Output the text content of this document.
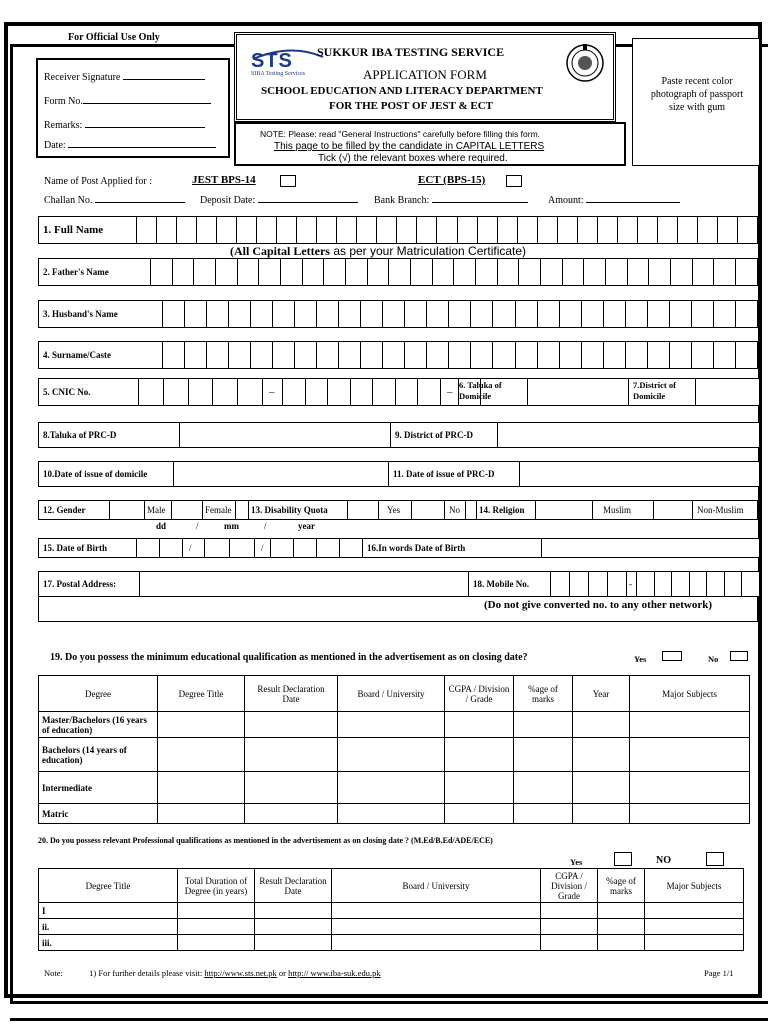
For Official Use Only
Receiver Signature
Form No.
Remarks:
Date:
STS
SIBA Testing Services
SUKKUR IBA TESTING SERVICE
APPLICATION FORM
SCHOOL EDUCATION AND LITERACY DEPARTMENT
FOR THE POST OF JEST & ECT
NOTE: Please: read "General Instructions" carefully before filling this form.
This page to be filled by the candidate in CAPITAL LETTERS
Tick (√) the relevant boxes where required.
Paste recent color photograph of passport size with gum
Name of Post Applied for :	JEST BPS-14	ECT (BPS-15)
Challan No.	Deposit Date:	Bank Branch:	Amount:
1. Full Name
(All Capital Letters as per your Matriculation Certificate)
2. Father's Name
3. Husband's Name
4. Surname/Caste
5. CNIC No.	–	–
6. Taluka of Domicile
7.District of Domicile
8.Taluka of PRC-D	9. District of PRC-D
10.Date of issue of domicile	11. Date of issue of PRC-D
12. Gender	Male	Female 13. Disability Quota	Yes	No 14. Religion	Muslim	Non-Muslim
dd	/	mm	/	year
15. Date of Birth	/	/	16.In words Date of Birth
17. Postal Address:	18. Mobile No.	-
(Do not give converted no. to any other network)
19. Do you possess the minimum educational qualification as mentioned in the advertisement as on closing date?	Yes	No
Degree	Degree Title	Result Declaration Date	Board / University	CGPA / Division / Grade	%age of marks	Year	Major Subjects
Master/Bachelors (16 years of education)							
Bachelors (14 years of education)							
Intermediate							
Matric							
20. Do you possess relevant Professional qualifications as mentioned in the advertisement as on closing date ? (M.Ed/B.Ed/ADE/ECE)
Yes	NO
Degree Title	Total Duration of Degree (in years)	Result Declaration Date	Board / University	CGPA / Division / Grade	%age of marks	Major Subjects
I						
ii.						
iii.						
Note:	1) For further details please visit: http://www.sts.net.pk or http:// www.iba-suk.edu.pk	Page 1/1
